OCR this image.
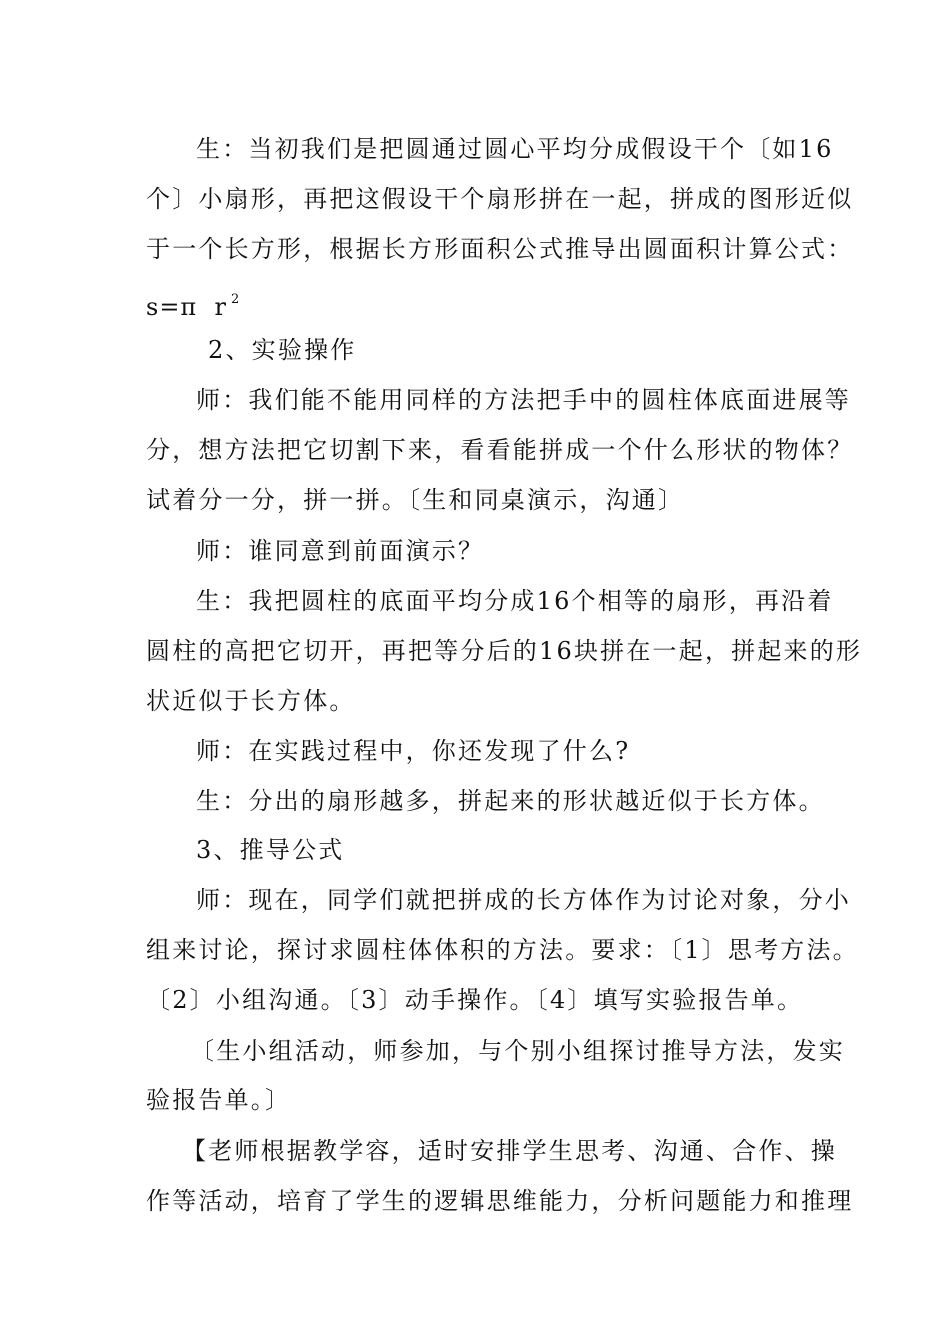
生：当初我们是把圆通过圆心平均分成假设干个〔如16
个〕小扇形，再把这假设干个扇形拼在一起，拼成的图形近似
于一个长方形，根据长方形面积公式推导出圆面积计算公式：
s=π  r $^2$
2、实验操作
师：我们能不能用同样的方法把手中的圆柱体底面进展等
分，想方法把它切割下来，看看能拼成一个什么形状的物体？
试着分一分，拼一拼。〔生和同桌演示，沟通〕
师：谁同意到前面演示？
生：我把圆柱的底面平均分成16个相等的扇形，再沿着
圆柱的高把它切开，再把等分后的16块拼在一起，拼起来的形
状近似于长方体。
师：在实践过程中，你还发现了什么?
生：分出的扇形越多，拼起来的形状越近似于长方体。
3、推导公式
师：现在，同学们就把拼成的长方体作为讨论对象，分小
组来讨论，探讨求圆柱体体积的方法。要求：〔1〕思考方法。
〔2〕小组沟通。〔3〕动手操作。〔4〕填写实验报告单。
〔生小组活动，师参加，与个别小组探讨推导方法，发实
验报告单。〕
【老师根据教学容，适时安排学生思考、沟通、合作、操
作等活动，培育了学生的逻辑思维能力，分析问题能力和推理
